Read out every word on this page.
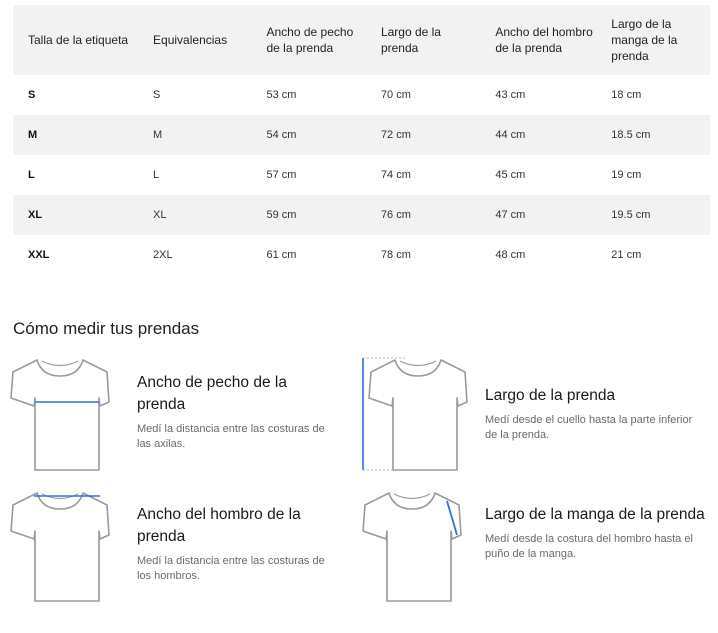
Talla de la etiqueta	Equivalencias	Ancho de pecho de la prenda	Largo de la prenda	Ancho del hombro de la prenda	Largo de la manga de la prenda
S	S	53 cm	70 cm	43 cm	18 cm
M	M	54 cm	72 cm	44 cm	18.5 cm
L	L	57 cm	74 cm	45 cm	19 cm
XL	XL	59 cm	76 cm	47 cm	19.5 cm
XXL	2XL	61 cm	78 cm	48 cm	21 cm
Cómo medir tus prendas

Ancho de pecho de la prenda

Medí la distancia entre las costuras de las axilas.

Largo de la prenda

Medí desde el cuello hasta la parte inferior de la prenda.

Ancho del hombro de la prenda

Medí la distancia entre las costuras de los hombros.

Largo de la manga de la prenda

Medí desde la costura del hombro hasta el puño de la manga.
